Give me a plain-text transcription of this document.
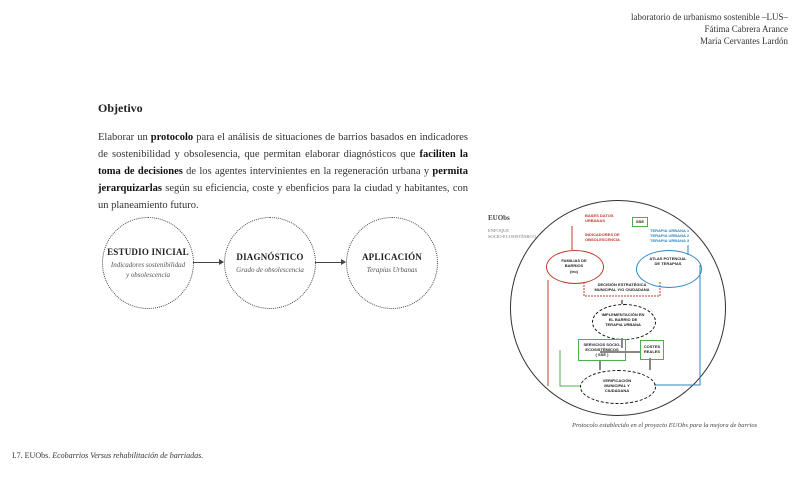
laboratorio de urbanismo sostenible –LUS–
Fátima Cabrera Arance
María Cervantes Lardón
Objetivo
Elaborar un protocolo para el análisis de situaciones de barrios basados en indicadores de sostenibilidad y obsolesencia, que permitan elaborar diagnósticos que faciliten la toma de decisiones de los agentes intervinientes en la regeneración urbana y permita jerarquizarlas según su eficiencia, coste y ebenficios para la ciudad y habitantes, con un planeamiento futuro.
ESTUDIO INICIAL
Indicadores sostenibilidad y obsolescencia
DIAGNÓSTICO
Grado de obsolescencia
APLICACIÓN
Terapias Urbanas
EUObs
ENFOQUE
SOCIO-ECOSISTÉMICO
BASES DATOS URBANAS
INDICADORES DE OBSOLESCENCIA
SSE
TERAPIA URBANA 1
TERAPIA URBANA 2
TERAPIA URBANA 3
FAMILIAS DE BARRIOS
(tro)
ATLAS POTENCIAL DE TERAPIAS
DECISIÓN ESTRATÉGICA MUNICIPAL Y/O CIUDADANA
IMPLEMENTACIÓN EN EL BARRIO DE TERAPIA URBANA
SERVICIOS SOCIO-ECOSISTÉMICOS
( SSE )
COSTES REALES
VERIFICACIÓN MUNICIPAL Y CIUDADANA
Protocolo establecido en el proyecto EUObs para la mejora de barrios
I.7. EUObs. Ecobarrios Versus rehabilitación de barriadas.
